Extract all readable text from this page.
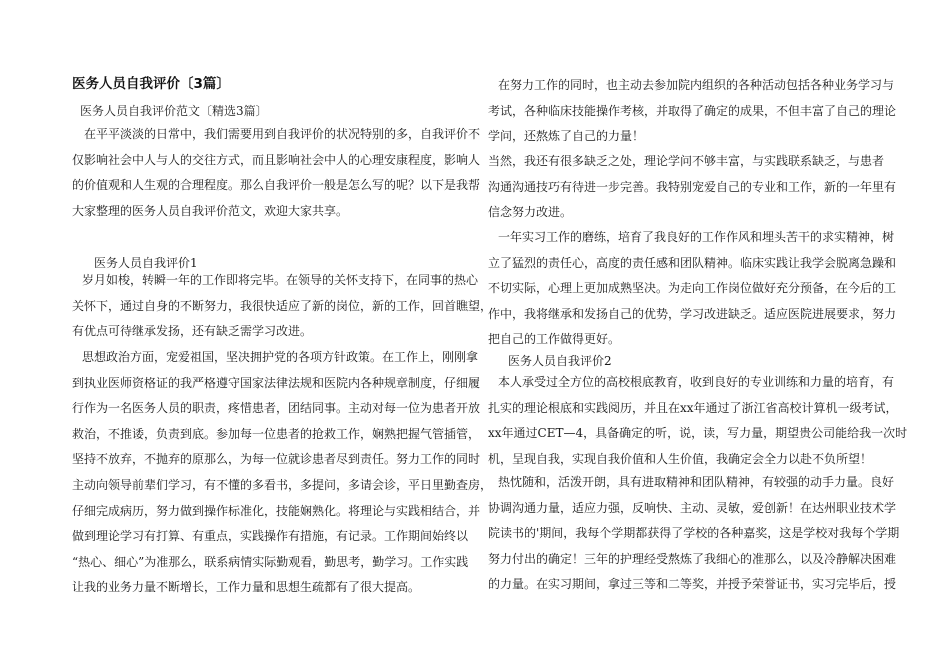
医务人员自我评价〔3篇〕
医务人员自我评价范文〔精选3篇〕
　在平平淡淡的日常中，我们需要用到自我评价的状况特别的多，自我评价不
仅影响社会中人与人的交往方式，而且影响社会中人的心理安康程度，影响人
的价值观和人生观的合理程度。那么自我评价一般是怎么写的呢？以下是我帮
大家整理的医务人员自我评价范文，欢迎大家共享。
医务人员自我评价1
岁月如梭，转瞬一年的工作即将完毕。在领导的关怀支持下，在同事的热心
关怀下，通过自身的不断努力，我很快适应了新的岗位，新的工作，回首瞧望，
有优点可待继承发扬，还有缺乏需学习改进。
思想政治方面，宠爱祖国，坚决拥护党的各项方针政策。在工作上，刚刚拿
到执业医师资格证的我严格遵守国家法律法规和医院内各种规章制度，仔细履
行作为一名医务人员的职责，疼惜患者，团结同事。主动对每一位为患者开放
救治，不推诿，负责到底。参加每一位患者的抢救工作，娴熟把握气管插管，
坚持不放弃，不抛弃的原那么，为每一位就诊患者尽到责任。努力工作的同时
主动向领导前辈们学习，有不懂的多看书，多提问，多请会诊，平日里勤查房，
仔细完成病历，努力做到操作标准化，技能娴熟化。将理论与实践相结合，并
做到理论学习有打算、有重点，实践操作有措施，有记录。工作期间始终以
“热心、细心”为准那么，联系病情实际勤观看，勤思考，勤学习。工作实践
让我的业务力量不断增长，工作力量和思想生疏都有了很大提高。
在努力工作的同时，也主动去参加院内组织的各种活动包括各种业务学习与
考试，各种临床技能操作考核，并取得了确定的成果，不但丰富了自己的理论
学问，还熬炼了自己的力量！
当然，我还有很多缺乏之处，理论学问不够丰富，与实践联系缺乏，与患者
沟通沟通技巧有待进一步完善。我特别宠爱自己的专业和工作，新的一年里有
信念努力改进。
一年实习工作的磨练，培育了我良好的工作作风和埋头苦干的求实精神，树
立了猛烈的责任心，高度的责任感和团队精神。临床实践让我学会脱离急躁和
不切实际，心理上更加成熟坚决。为走向工作岗位做好充分预备，在今后的工
作中，我将继承和发扬自己的优势，学习改进缺乏。适应医院进展要求，努力
把自己的工作做得更好。
医务人员自我评价2
本人承受过全方位的高校根底教育，收到良好的专业训练和力量的培育，有
扎实的理论根底和实践阅历，并且在xx年通过了浙江省高校计算机一级考试，
xx年通过CET—4，具备确定的听，说，读，写力量，期望贵公司能给我一次时
机，呈现自我，实现自我价值和人生价值，我确定会全力以赴不负所望！
热忱随和，活泼开朗，具有进取精神和团队精神，有较强的动手力量。良好
协调沟通力量，适应力强，反响快、主动、灵敏，爱创新！在达州职业技术学
院读书的'期间，我每个学期都获得了学校的各种嘉奖，这是学校对我每个学期
努力付出的确定！三年的护理经受熬炼了我细心的准那么，以及冷静解决困难
的力量。在实习期间，拿过三等和二等奖，并授予荣誉证书，实习完毕后，授
